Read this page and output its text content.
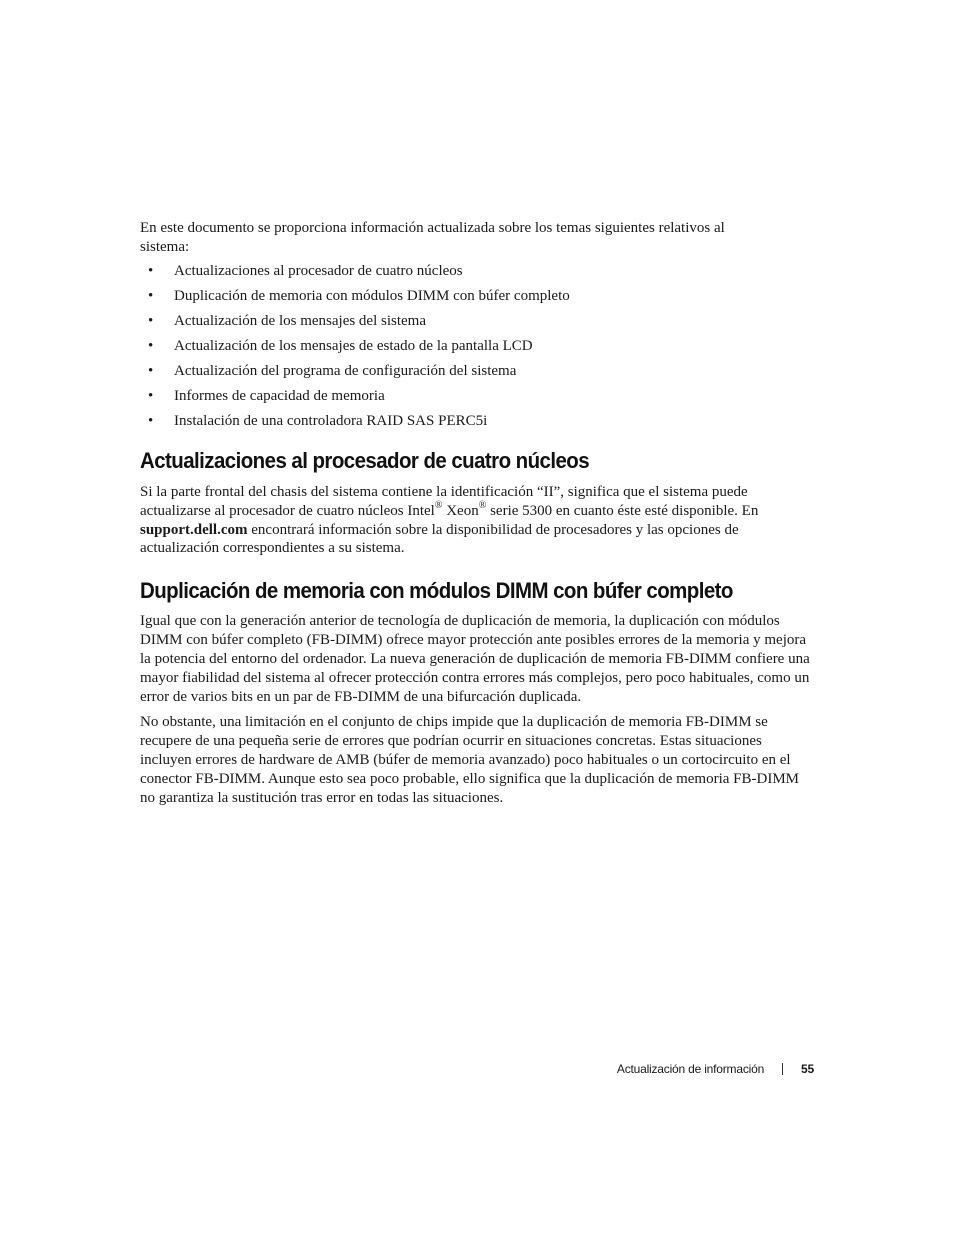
En este documento se proporciona información actualizada sobre los temas siguientes relativos al sistema:

• Actualizaciones al procesador de cuatro núcleos
• Duplicación de memoria con módulos DIMM con búfer completo
• Actualización de los mensajes del sistema
• Actualización de los mensajes de estado de la pantalla LCD
• Actualización del programa de configuración del sistema
• Informes de capacidad de memoria
• Instalación de una controladora RAID SAS PERC5i
Actualizaciones al procesador de cuatro núcleos

Si la parte frontal del chasis del sistema contiene la identificación “II”, significa que el sistema puede actualizarse al procesador de cuatro núcleos Intel® Xeon® serie 5300 en cuanto éste esté disponible. En support.dell.com encontrará información sobre la disponibilidad de procesadores y las opciones de actualización correspondientes a su sistema.

Duplicación de memoria con módulos DIMM con búfer completo

Igual que con la generación anterior de tecnología de duplicación de memoria, la duplicación con módulos DIMM con búfer completo (FB-DIMM) ofrece mayor protección ante posibles errores de la memoria y mejora la potencia del entorno del ordenador. La nueva generación de duplicación de memoria FB-DIMM confiere una mayor fiabilidad del sistema al ofrecer protección contra errores más complejos, pero poco habituales, como un error de varios bits en un par de FB-DIMM de una bifurcación duplicada.

No obstante, una limitación en el conjunto de chips impide que la duplicación de memoria FB-DIMM se recupere de una pequeña serie de errores que podrían ocurrir en situaciones concretas. Estas situaciones incluyen errores de hardware de AMB (búfer de memoria avanzado) poco habituales o un cortocircuito en el conector FB-DIMM. Aunque esto sea poco probable, ello significa que la duplicación de memoria FB-DIMM no garantiza la sustitución tras error en todas las situaciones.

Actualización de información	55
